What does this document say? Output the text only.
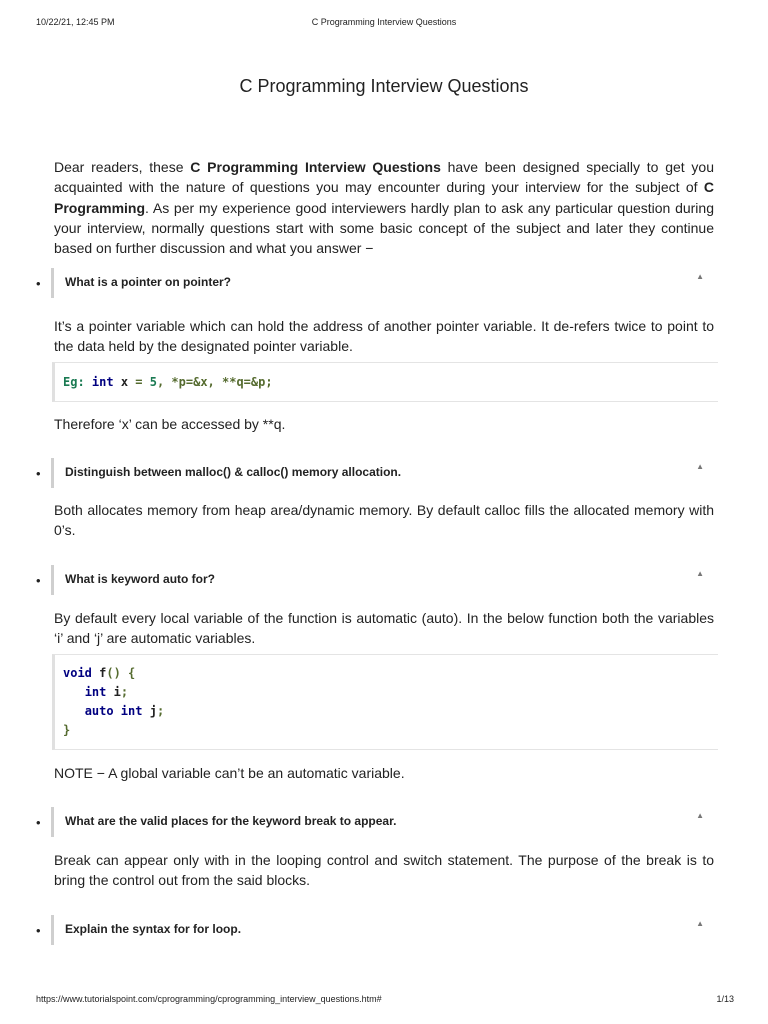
10/22/21, 12:45 PM	C Programming Interview Questions
C Programming Interview Questions

Dear readers, these C Programming Interview Questions have been designed specially to get you acquainted with the nature of questions you may encounter during your interview for the subject of C Programming. As per my experience good interviewers hardly plan to ask any particular question during your interview, normally questions start with some basic concept of the subject and later they continue based on further discussion and what you answer −

• What is a pointer on pointer?	▲

It’s a pointer variable which can hold the address of another pointer variable. It de-refers twice to point to the data held by the designated pointer variable.

Eg: int x = 5, *p=&x, **q=&p;

Therefore ‘x’ can be accessed by **q.

• Distinguish between malloc() & calloc() memory allocation.	▲

Both allocates memory from heap area/dynamic memory. By default calloc fills the allocated memory with 0’s.

• What is keyword auto for?	▲

By default every local variable of the function is automatic (auto). In the below function both the variables ‘i’ and ‘j’ are automatic variables.

void f() {
int i;
auto int j;
}

NOTE − A global variable can’t be an automatic variable.

• What are the valid places for the keyword break to appear.	▲

Break can appear only with in the looping control and switch statement. The purpose of the break is to bring the control out from the said blocks.

• Explain the syntax for for loop.	▲
https://www.tutorialspoint.com/cprogramming/cprogramming_interview_questions.htm#	1/13
